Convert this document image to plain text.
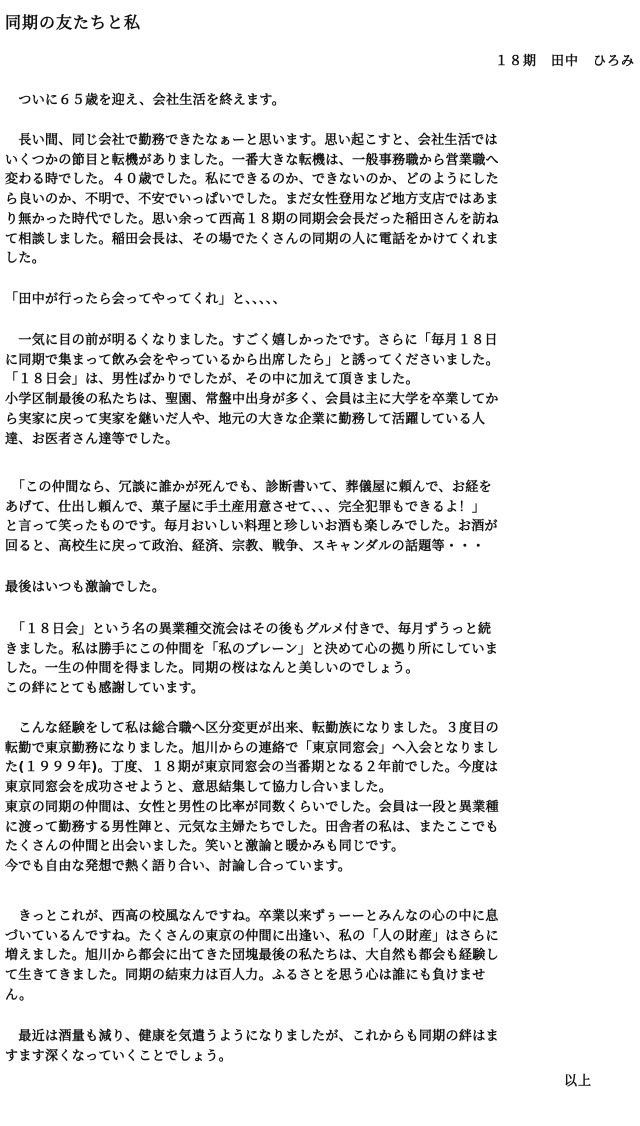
同期の友たちと私
１８期　田中　ひろみ
　ついに６５歳を迎え、会社生活を終えます。
　長い間、同じ会社で勤務できたなぁーと思います。思い起こすと、会社生活では
いくつかの節目と転機がありました。一番大きな転機は、一般事務職から営業職へ
変わる時でした。４０歳でした。私にできるのか、できないのか、どのようにした
ら良いのか、不明で、不安でいっぱいでした。まだ女性登用など地方支店ではあま
り無かった時代でした。思い余って西高１８期の同期会会長だった稲田さんを訪ね
て相談しました。稲田会長は、その場でたくさんの同期の人に電話をかけてくれま
した。
「田中が行ったら会ってやってくれ」と、、、、、
　一気に目の前が明るくなりました。すごく嬉しかったです。さらに「毎月１８日
に同期で集まって飲み会をやっているから出席したら」と誘ってくださいました。
「１８日会」は、男性ばかりでしたが、その中に加えて頂きました。
小学区制最後の私たちは、聖園、常盤中出身が多く、会員は主に大学を卒業してか
ら実家に戻って実家を継いだ人や、地元の大きな企業に勤務して活躍している人
達、お医者さん達等でした。
　「この仲間なら、冗談に誰かが死んでも、診断書いて、葬儀屋に頼んで、お経を
あげて、仕出し頼んで、菓子屋に手土産用意させて、、、完全犯罪もできるよ！」
と言って笑ったものです。毎月おいしい料理と珍しいお酒も楽しみでした。お酒が
回ると、高校生に戻って政治、経済、宗教、戦争、スキャンダルの話題等・・・
最後はいつも激論でした。
　「１８日会」という名の異業種交流会はその後もグルメ付きで、毎月ずうっと続
きました。私は勝手にこの仲間を「私のブレーン」と決めて心の拠り所にしていま
した。一生の仲間を得ました。同期の桜はなんと美しいのでしょう。
この絆にとても感謝しています。
　こんな経験をして私は総合職へ区分変更が出来、転勤族になりました。３度目の
転勤で東京勤務になりました。旭川からの連絡で「東京同窓会」へ入会となりまし
た(１９９９年)。丁度、１８期が東京同窓会の当番期となる２年前でした。今度は
東京同窓会を成功させようと、意思結集して協力し合いました。
東京の同期の仲間は、女性と男性の比率が同数くらいでした。会員は一段と異業種
に渡って勤務する男性陣と、元気な主婦たちでした。田舎者の私は、またここでも
たくさんの仲間と出会いました。笑いと激論と暖かみも同じです。
今でも自由な発想で熱く語り合い、討論し合っています。
　きっとこれが、西高の校風なんですね。卒業以来ずぅーーとみんなの心の中に息
づいているんですね。たくさんの東京の仲間に出逢い、私の「人の財産」はさらに
増えました。旭川から都会に出てきた団塊最後の私たちは、大自然も都会も経験し
て生きてきました。同期の結束力は百人力。ふるさとを思う心は誰にも負けませ
ん。
　最近は酒量も減り、健康を気遣うようになりましたが、これからも同期の絆はま
すます深くなっていくことでしょう。
以上
